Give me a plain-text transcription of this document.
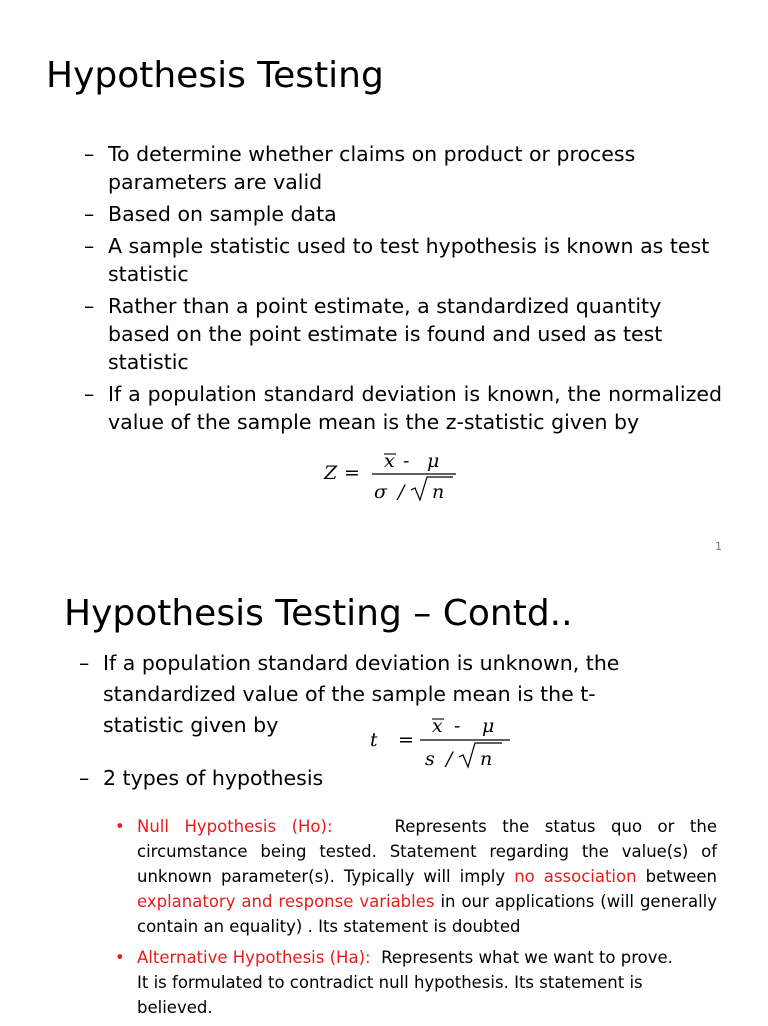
Hypothesis Testing
– To determine whether claims on product or process parameters are valid
– Based on sample data
– A sample statistic used to test hypothesis is known as test statistic
– Rather than a point estimate, a standardized quantity based on the point estimate is found and used as test statistic
– If a population standard deviation is known, the normalized value of the sample mean is the z-statistic given by
Z =
x - μ
σ / n
1
Hypothesis Testing – Contd..
– If a population standard deviation is unknown, the standardized value of the sample mean is the t-statistic given by
– 2 types of hypothesis
t =
x - μ
s / n
• Null Hypothesis (Ho):	Represents the status quo or the circumstance being tested. Statement regarding the value(s) of unknown parameter(s). Typically will imply no association between explanatory and response variables in our applications (will generally contain an equality) . Its statement is doubted
• Alternative Hypothesis (Ha): Represents what we want to prove. It is formulated to contradict null hypothesis. Its statement is believed.
